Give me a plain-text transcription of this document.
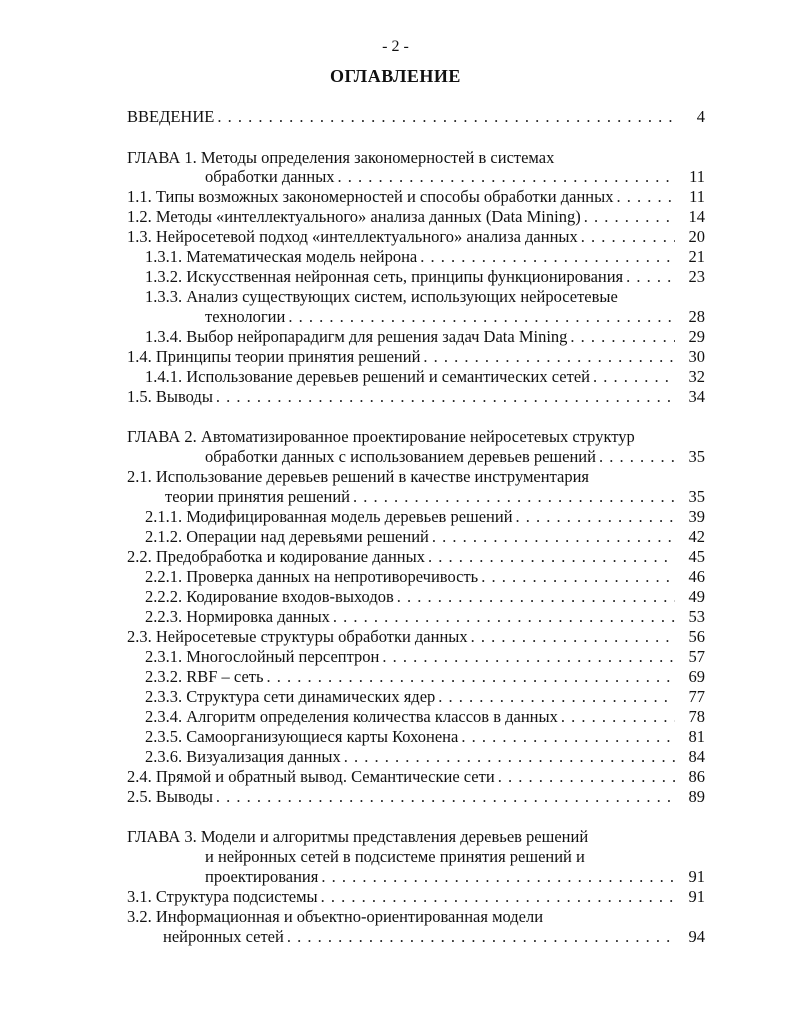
- 2 -
ОГЛАВЛЕНИЕ
ВВЕДЕНИЕ . . .	4
ГЛАВА 1. Методы определения закономерностей в системах
обработки данных . . .	11
1.1. Типы возможных закономерностей и способы обработки данных . . .	11
1.2. Методы «интеллектуального» анализа данных (Data Mining) . . .	14
1.3. Нейросетевой подход «интеллектуального» анализа данных . . .	20
1.3.1. Математическая модель нейрона . . .	21
1.3.2. Искусственная нейронная сеть, принципы функционирования . . .	23
1.3.3. Анализ существующих систем, использующих нейросетевые
технологии . . .	28
1.3.4. Выбор нейропарадигм для решения задач Data Mining . . .	29
1.4. Принципы теории принятия решений . . .	30
1.4.1. Использование деревьев решений и семантических сетей . . .	32
1.5. Выводы . . .	34
ГЛАВА 2. Автоматизированное проектирование нейросетевых структур
обработки данных с использованием деревьев решений . . .	35
2.1. Использование деревьев решений в качестве инструментария
теории принятия решений . . .	35
2.1.1. Модифицированная модель деревьев решений . . .	39
2.1.2. Операции над деревьями решений . . .	42
2.2. Предобработка и кодирование данных . . .	45
2.2.1. Проверка данных на непротиворечивость . . .	46
2.2.2. Кодирование входов-выходов . . .	49
2.2.3. Нормировка данных . . .	53
2.3. Нейросетевые структуры обработки данных . . .	56
2.3.1. Многослойный персептрон . . .	57
2.3.2. RBF – сеть . . .	69
2.3.3. Структура сети динамических ядер . . .	77
2.3.4. Алгоритм определения количества классов в данных . . .	78
2.3.5. Самоорганизующиеся карты Кохонена . . .	81
2.3.6. Визуализация данных . . .	84
2.4. Прямой и обратный вывод. Семантические сети . . .	86
2.5. Выводы . . .	89
ГЛАВА 3. Модели и алгоритмы представления деревьев решений
и нейронных сетей в подсистеме принятия решений и
проектирования . . .	91
3.1. Структура подсистемы . . .	91
3.2. Информационная и объектно-ориентированная модели
нейронных сетей . . .	94
